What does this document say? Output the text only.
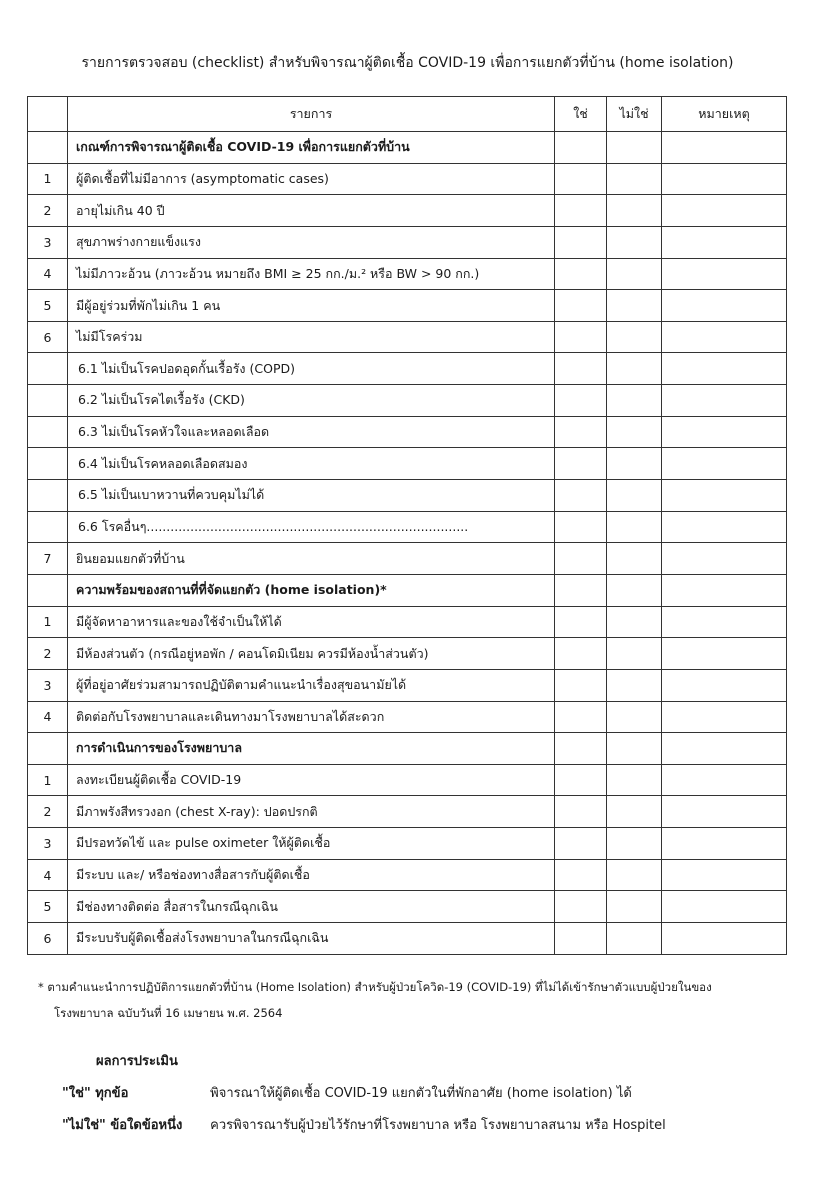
รายการตรวจสอบ (checklist) สำหรับพิจารณาผู้ติดเชื้อ COVID-19 เพื่อการแยกตัวที่บ้าน (home isolation)
	รายการ	ใช่	ไม่ใช่	หมายเหตุ
	เกณฑ์การพิจารณาผู้ติดเชื้อ COVID-19 เพื่อการแยกตัวที่บ้าน			
1	ผู้ติดเชื้อที่ไม่มีอาการ (asymptomatic cases)			
2	อายุไม่เกิน 40 ปี			
3	สุขภาพร่างกายแข็งแรง			
4	ไม่มีภาวะอ้วน (ภาวะอ้วน หมายถึง BMI ≥ 25 กก./ม.² หรือ BW > 90 กก.)			
5	มีผู้อยู่ร่วมที่พักไม่เกิน 1 คน			
6	ไม่มีโรคร่วม			
	6.1 ไม่เป็นโรคปอดอุดกั้นเรื้อรัง (COPD)			
	6.2 ไม่เป็นโรคไตเรื้อรัง (CKD)			
	6.3 ไม่เป็นโรคหัวใจและหลอดเลือด			
	6.4 ไม่เป็นโรคหลอดเลือดสมอง			
	6.5 ไม่เป็นเบาหวานที่ควบคุมไม่ได้			
	6.6 โรคอื่นๆ.................................................................................			
7	ยินยอมแยกตัวที่บ้าน			
	ความพร้อมของสถานที่ที่จัดแยกตัว (home isolation)*			
1	มีผู้จัดหาอาหารและของใช้จำเป็นให้ได้			
2	มีห้องส่วนตัว (กรณีอยู่หอพัก / คอนโดมิเนียม ควรมีห้องน้ำส่วนตัว)			
3	ผู้ที่อยู่อาศัยร่วมสามารถปฏิบัติตามคำแนะนำเรื่องสุขอนามัยได้			
4	ติดต่อกับโรงพยาบาลและเดินทางมาโรงพยาบาลได้สะดวก			
	การดำเนินการของโรงพยาบาล			
1	ลงทะเบียนผู้ติดเชื้อ COVID-19			
2	มีภาพรังสีทรวงอก (chest X-ray): ปอดปรกติ			
3	มีปรอทวัดไข้ และ pulse oximeter ให้ผู้ติดเชื้อ			
4	มีระบบ และ/ หรือช่องทางสื่อสารกับผู้ติดเชื้อ			
5	มีช่องทางติดต่อ สื่อสารในกรณีฉุกเฉิน			
6	มีระบบรับผู้ติดเชื้อส่งโรงพยาบาลในกรณีฉุกเฉิน			
* ตามคำแนะนำการปฏิบัติการแยกตัวที่บ้าน (Home Isolation) สำหรับผู้ป่วยโควิด-19 (COVID-19) ที่ไม่ได้เข้ารักษาตัวแบบผู้ป่วยในของ
โรงพยาบาล ฉบับวันที่ 16 เมษายน พ.ศ. 2564
ผลการประเมิน
"ใช่" ทุกข้อ	พิจารณาให้ผู้ติดเชื้อ COVID-19 แยกตัวในที่พักอาศัย (home isolation) ได้
"ไม่ใช่" ข้อใดข้อหนึ่ง ควรพิจารณารับผู้ป่วยไว้รักษาที่โรงพยาบาล หรือ โรงพยาบาลสนาม หรือ Hospitel
